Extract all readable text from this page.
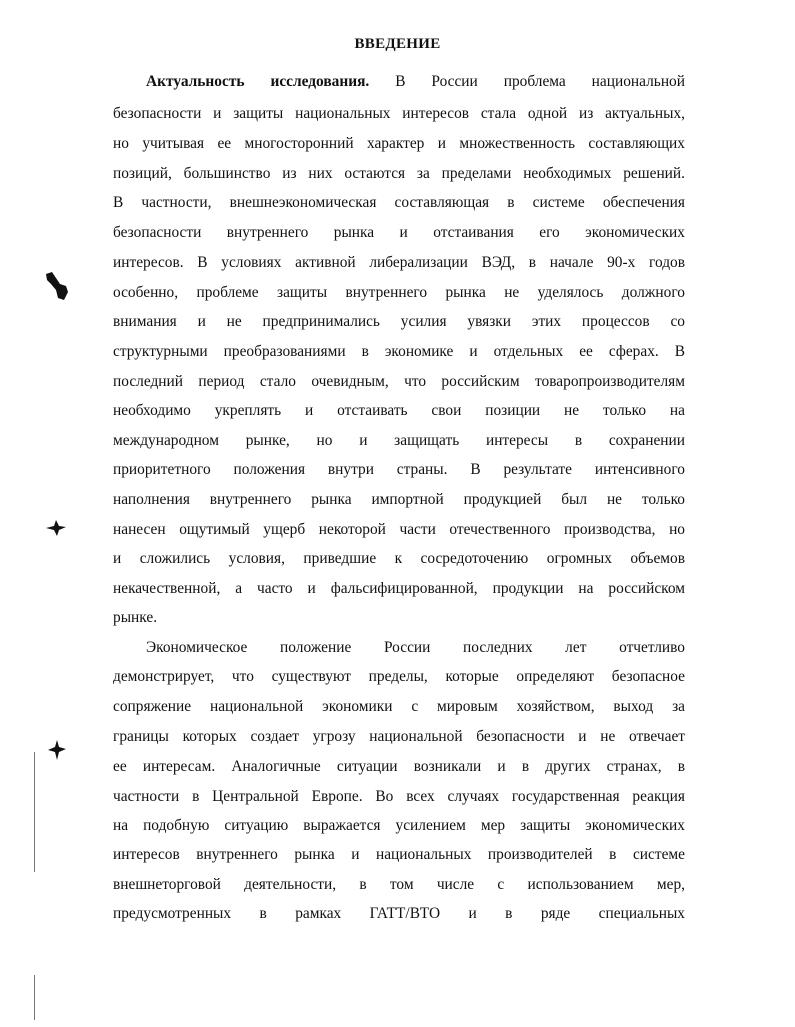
ВВЕДЕНИЕ
Актуальность исследования. В России проблема национальной
безопасности и защиты национальных интересов стала одной из актуальных,
но учитывая ее многосторонний характер и множественность составляющих
позиций, большинство из них остаются за пределами необходимых решений.
В частности, внешнеэкономическая составляющая в системе обеспечения
безопасности внутреннего рынка и отстаивания его экономических
интересов. В условиях активной либерализации ВЭД, в начале 90-х годов
особенно, проблеме защиты внутреннего рынка не уделялось должного
внимания и не предпринимались усилия увязки этих процессов со
структурными преобразованиями в экономике и отдельных ее сферах. В
последний период стало очевидным, что российским товаропроизводителям
необходимо укреплять и отстаивать свои позиции не только на
международном рынке, но и защищать интересы в сохранении
приоритетного положения внутри страны. В результате интенсивного
наполнения внутреннего рынка импортной продукцией был не только
нанесен ощутимый ущерб некоторой части отечественного производства, но
и сложились условия, приведшие к сосредоточению огромных объемов
некачественной, а часто и фальсифицированной, продукции на российском
рынке.
Экономическое положение России последних лет отчетливо
демонстрирует, что существуют пределы, которые определяют безопасное
сопряжение национальной экономики с мировым хозяйством, выход за
границы которых создает угрозу национальной безопасности и не отвечает
ее интересам. Аналогичные ситуации возникали и в других странах, в
частности в Центральной Европе. Во всех случаях государственная реакция
на подобную ситуацию выражается усилением мер защиты экономических
интересов внутреннего рынка и национальных производителей в системе
внешнеторговой деятельности, в том числе с использованием мер,
предусмотренных в рамках ГАТТ/ВТО и в ряде специальных
